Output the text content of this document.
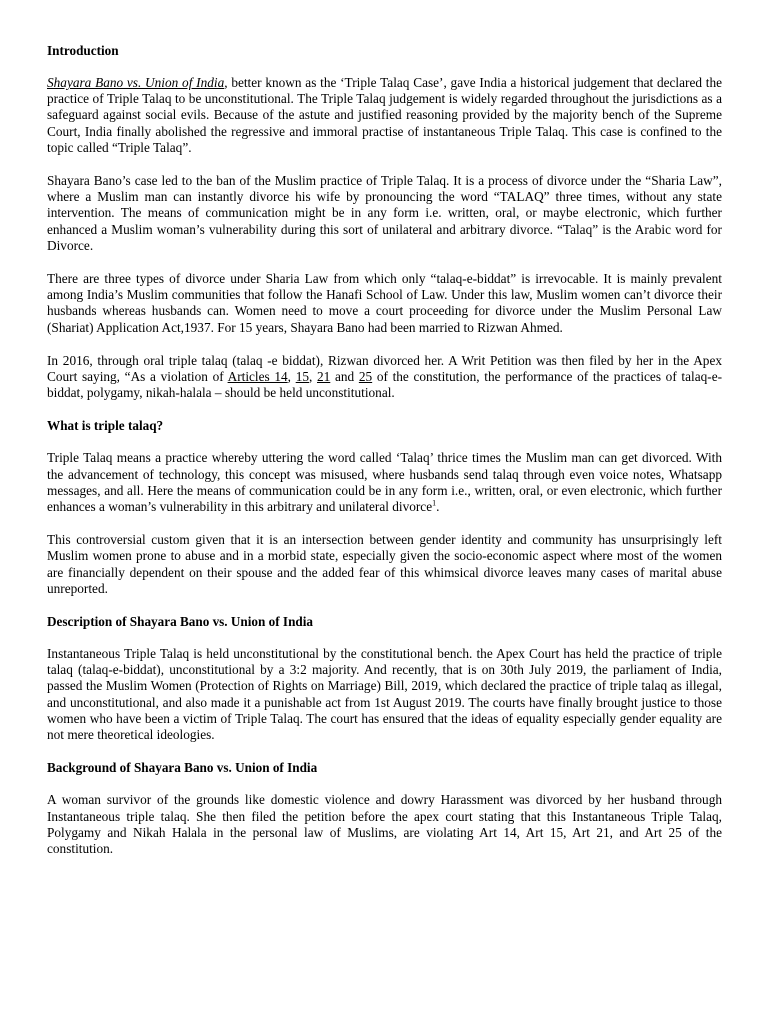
Introduction

Shayara Bano vs. Union of India, better known as the ‘Triple Talaq Case’, gave India a historical judgement that declared the practice of Triple Talaq to be unconstitutional. The Triple Talaq judgement is widely regarded throughout the jurisdictions as a safeguard against social evils. Because of the astute and justified reasoning provided by the majority bench of the Supreme Court, India finally abolished the regressive and immoral practise of instantaneous Triple Talaq. This case is confined to the topic called “Triple Talaq”.

Shayara Bano’s case led to the ban of the Muslim practice of Triple Talaq. It is a process of divorce under the “Sharia Law”, where a Muslim man can instantly divorce his wife by pronouncing the word “TALAQ” three times, without any state intervention. The means of communication might be in any form i.e. written, oral, or maybe electronic, which further enhanced a Muslim woman’s vulnerability during this sort of unilateral and arbitrary divorce. “Talaq” is the Arabic word for Divorce.

There are three types of divorce under Sharia Law from which only “talaq-e-biddat” is irrevocable. It is mainly prevalent among India’s Muslim communities that follow the Hanafi School of Law. Under this law, Muslim women can’t divorce their husbands whereas husbands can. Women need to move a court proceeding for divorce under the Muslim Personal Law (Shariat) Application Act,1937. For 15 years, Shayara Bano had been married to Rizwan Ahmed.

In 2016, through oral triple talaq (talaq -e biddat), Rizwan divorced her. A Writ Petition was then filed by her in the Apex Court saying, “As a violation of Articles 14, 15, 21 and 25 of the constitution, the performance of the practices of talaq-e-biddat, polygamy, nikah-halala – should be held unconstitutional.

What is triple talaq?

Triple Talaq means a practice whereby uttering the word called ‘Talaq’ thrice times the Muslim man can get divorced. With the advancement of technology, this concept was misused, where husbands send talaq through even voice notes, Whatsapp messages, and all. Here the means of communication could be in any form i.e., written, oral, or even electronic, which further enhances a woman’s vulnerability in this arbitrary and unilateral divorce$^1$.

This controversial custom given that it is an intersection between gender identity and community has unsurprisingly left Muslim women prone to abuse and in a morbid state, especially given the socio-economic aspect where most of the women are financially dependent on their spouse and the added fear of this whimsical divorce leaves many cases of marital abuse unreported.

Description of Shayara Bano vs. Union of India

Instantaneous Triple Talaq is held unconstitutional by the constitutional bench. the Apex Court has held the practice of triple talaq (talaq-e-biddat), unconstitutional by a 3:2 majority. And recently, that is on 30th July 2019, the parliament of India, passed the Muslim Women (Protection of Rights on Marriage) Bill, 2019, which declared the practice of triple talaq as illegal, and unconstitutional, and also made it a punishable act from 1st August 2019. The courts have finally brought justice to those women who have been a victim of Triple Talaq. The court has ensured that the ideas of equality especially gender equality are not mere theoretical ideologies.

Background of Shayara Bano vs. Union of India

A woman survivor of the grounds like domestic violence and dowry Harassment was divorced by her husband through Instantaneous triple talaq. She then filed the petition before the apex court stating that this Instantaneous Triple Talaq, Polygamy and Nikah Halala in the personal law of Muslims, are violating Art 14, Art 15, Art 21, and Art 25 of the constitution.
